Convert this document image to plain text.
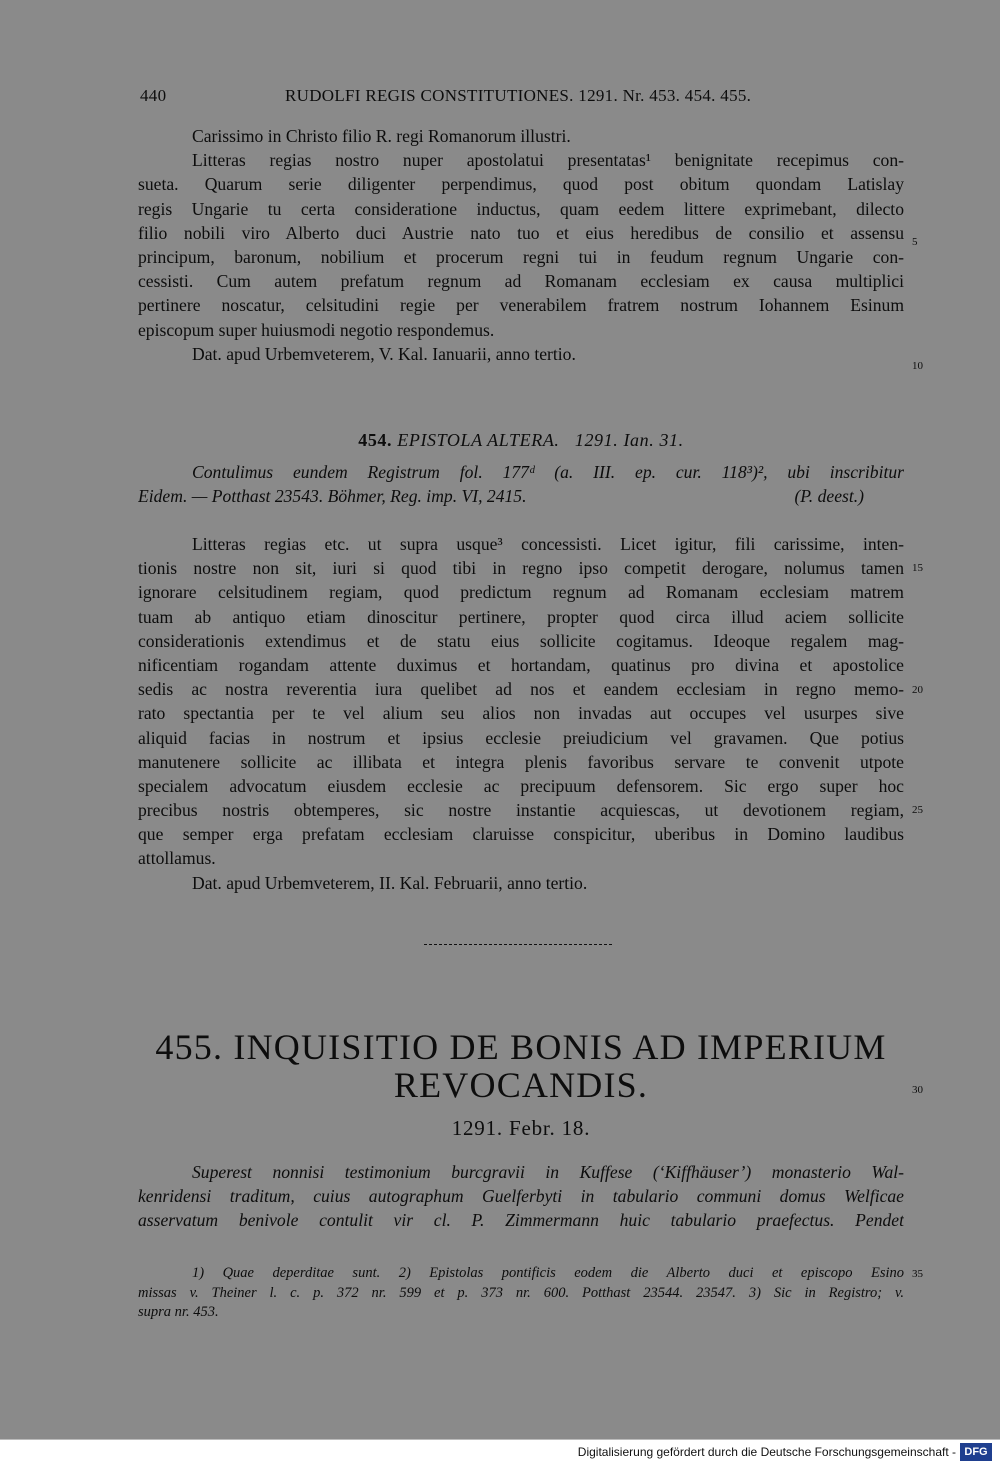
440	RUDOLFI REGIS CONSTITUTIONES. 1291. Nr. 453. 454. 455.
Carissimo in Christo filio R. regi Romanorum illustri.
Litteras regias nostro nuper apostolatui presentatas¹ benignitate recepimus con-
sueta. Quarum serie diligenter perpendimus, quod post obitum quondam Latislay
regis Ungarie tu certa consideratione inductus, quam eedem littere exprimebant, dilecto
filio nobili viro Alberto duci Austrie nato tuo et eius heredibus de consilio et assensu
principum, baronum, nobilium et procerum regni tui in feudum regnum Ungarie con-
cessisti. Cum autem prefatum regnum ad Romanam ecclesiam ex causa multiplici
pertinere noscatur, celsitudini regie per venerabilem fratrem nostrum Iohannem Esinum
episcopum super huiusmodi negotio respondemus.
Dat. apud Urbemveterem, V. Kal. Ianuarii, anno tertio.
454. EPISTOLA ALTERA. 1291. Ian. 31.
Contulimus eundem Registrum fol. 177ᵈ (a. III. ep. cur. 118³)², ubi inscribitur
Eidem. — Potthast 23543. Böhmer, Reg. imp. VI, 2415.	(P. deest.)
Litteras regias etc. ut supra usque³ concessisti. Licet igitur, fili carissime, inten-
tionis nostre non sit, iuri si quod tibi in regno ipso competit derogare, nolumus tamen
ignorare celsitudinem regiam, quod predictum regnum ad Romanam ecclesiam matrem
tuam ab antiquo etiam dinoscitur pertinere, propter quod circa illud aciem sollicite
considerationis extendimus et de statu eius sollicite cogitamus. Ideoque regalem mag-
nificentiam rogandam attente duximus et hortandam, quatinus pro divina et apostolice
sedis ac nostra reverentia iura quelibet ad nos et eandem ecclesiam in regno memo-
rato spectantia per te vel alium seu alios non invadas aut occupes vel usurpes sive
aliquid facias in nostrum et ipsius ecclesie preiudicium vel gravamen. Que potius
manutenere sollicite ac illibata et integra plenis favoribus servare te convenit utpote
specialem advocatum eiusdem ecclesie ac precipuum defensorem. Sic ergo super hoc
precibus nostris obtemperes, sic nostre instantie acquiescas, ut devotionem regiam,
que semper erga prefatam ecclesiam claruisse conspicitur, uberibus in Domino laudibus
attollamus.
Dat. apud Urbemveterem, II. Kal. Februarii, anno tertio.
455. INQUISITIO DE BONIS AD IMPERIUM
REVOCANDIS.
1291. Febr. 18.
Superest nonnisi testimonium burcgravii in Kuffese (‘Kiffhäuser’) monasterio Wal-
kenridensi traditum, cuius autographum Guelferbyti in tabulario communi domus Welficae
asservatum benivole contulit vir cl. P. Zimmermann huic tabulario praefectus. Pendet
1) Quae deperditae sunt. 2) Epistolas pontificis eodem die Alberto duci et episcopo Esino
missas v. Theiner l. c. p. 372 nr. 599 et p. 373 nr. 600. Potthast 23544. 23547. 3) Sic in Registro; v.
supra nr. 453.
5
10
15
20
25
30
35
Digitalisierung gefördert durch die Deutsche Forschungsgemeinschaft - DFG
